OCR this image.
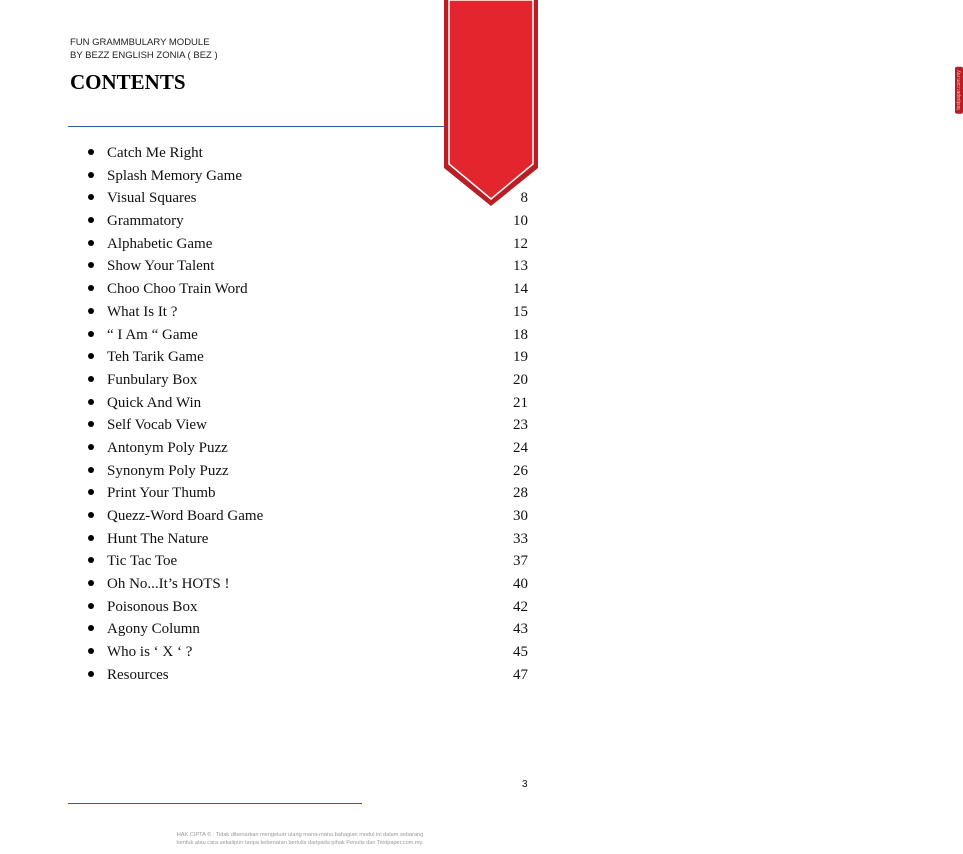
FUN GRAMMBULARY MODULE
BY BEZZ ENGLISH ZONIA ( BEZ )
CONTENTS
Catch Me Right
Splash Memory Game
Visual Squares	8
Grammatory	10
Alphabetic Game	12
Show Your Talent	13
Choo Choo Train Word	14
What Is It ?	15
“ I Am “ Game	18
Teh Tarik Game	19
Funbulary Box	20
Quick And Win	21
Self Vocab View	23
Antonym Poly Puzz	24
Synonym Poly Puzz	26
Print Your Thumb	28
Quezz-Word Board Game	30
Hunt The Nature	33
Tic Tac Toe	37
Oh No...It’s HOTS !	40
Poisonous Box	42
Agony Column	43
Who is ‘ X ‘ ?	45
Resources	47
3
HAK CIPTA © : Tidak dibenarkan mengeluar ulang mana-mana bahagian modul ini dalam sebarang
bentuk atau cara sekalipun tanpa kebenaran bertulis daripada pihak Penulis dan Testpaper.com.my.
SAMPLE testpaper.com.my
